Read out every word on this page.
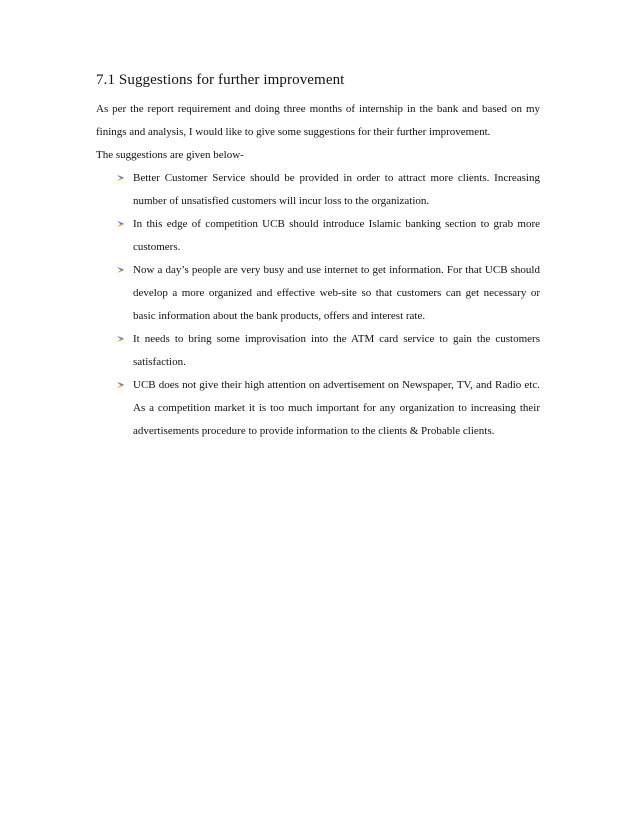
7.1 Suggestions for further improvement

As per the report requirement and doing three months of internship in the bank and based on my finings and analysis, I would like to give some suggestions for their further improvement.

The suggestions are given below-

Better Customer Service should be provided in order to attract more clients. Increasing number of unsatisfied customers will incur loss to the organization.
In this edge of competition UCB should introduce Islamic banking section to grab more customers.
Now a day’s people are very busy and use internet to get information. For that UCB should develop a more organized and effective web-site so that customers can get necessary or basic information about the bank products, offers and interest rate.
It needs to bring some improvisation into the ATM card service to gain the customers satisfaction.
UCB does not give their high attention on advertisement on Newspaper, TV, and Radio etc. As a competition market it is too much important for any organization to increasing their advertisements procedure to provide information to the clients & Probable clients.
